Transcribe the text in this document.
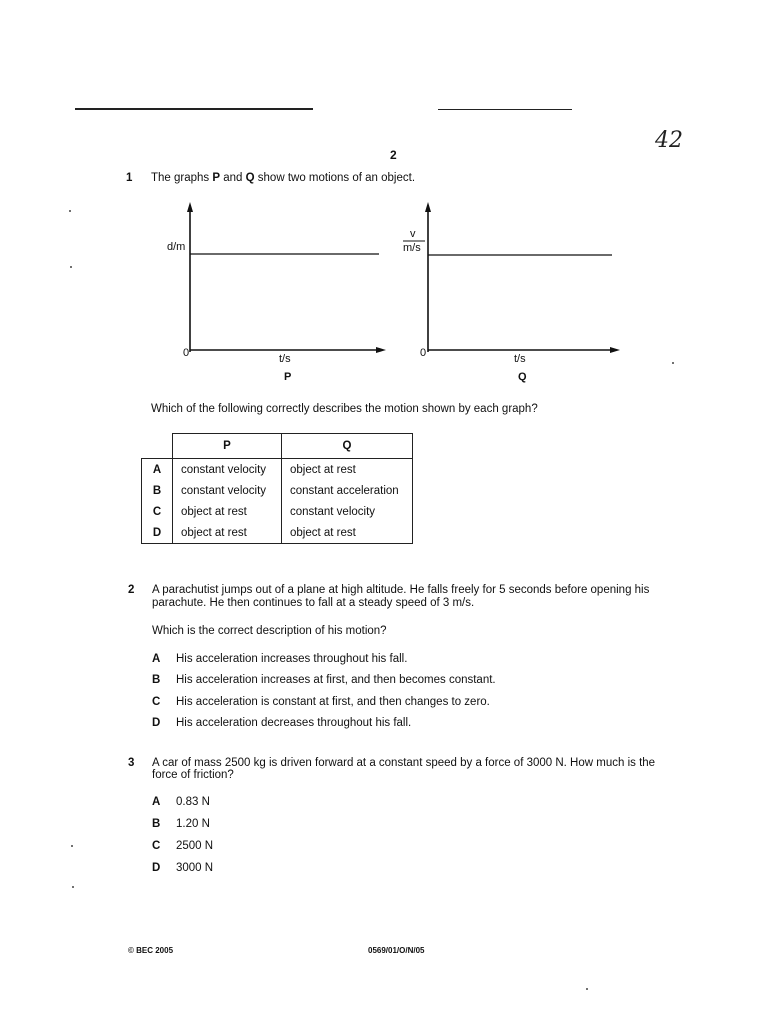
2
42
1 The graphs P and Q show two motions of an object.
d/m
0	t/s
P
v
m/s
0	t/s
Q
Which of the following correctly describes the motion shown by each graph?
	P	Q
A	constant velocity	object at rest
B	constant velocity	constant acceleration
C	object at rest	constant velocity
D	object at rest	object at rest
2 A parachutist jumps out of a plane at high altitude. He falls freely for 5 seconds before opening his
parachute. He then continues to fall at a steady speed of 3 m/s.
Which is the correct description of his motion?
A His acceleration increases throughout his fall.
B His acceleration increases at first, and then becomes constant.
C His acceleration is constant at first, and then changes to zero.
D His acceleration decreases throughout his fall.
3 A car of mass 2500 kg is driven forward at a constant speed by a force of 3000 N. How much is the
force of friction?
A 0.83 N
B 1.20 N
C 2500 N
D 3000 N
© BEC 2005	0569/01/O/N/05
